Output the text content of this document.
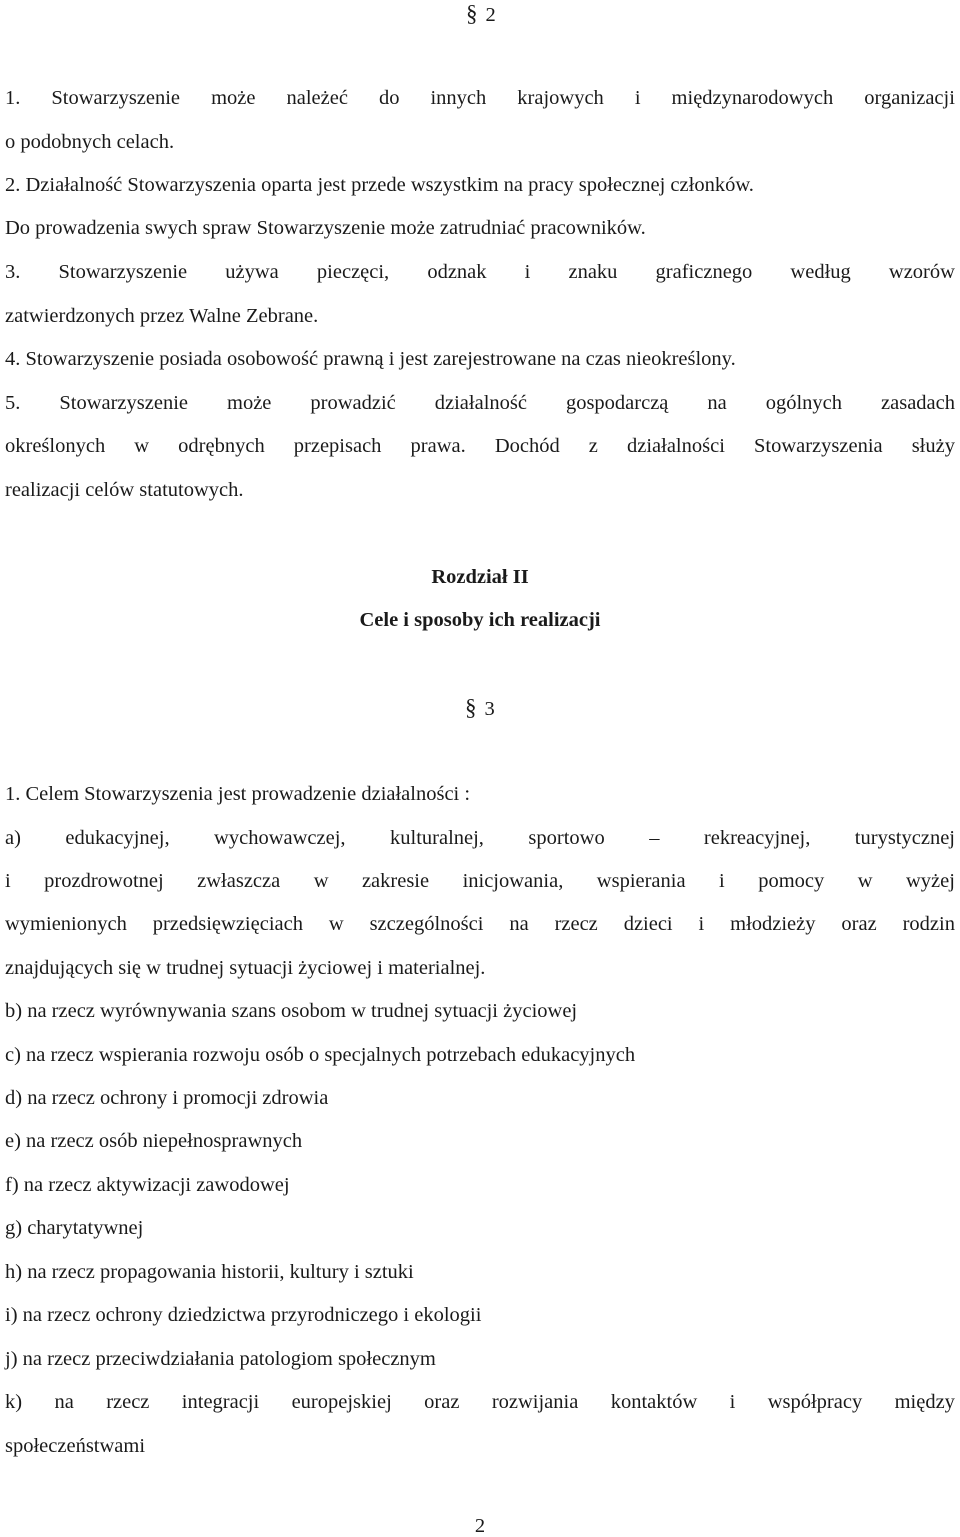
§ 2
1. Stowarzyszenie może należeć do innych krajowych i międzynarodowych organizacji
o podobnych celach.
2. Działalność Stowarzyszenia oparta jest przede wszystkim na pracy społecznej członków.
Do prowadzenia swych spraw Stowarzyszenie może zatrudniać pracowników.
3. Stowarzyszenie używa pieczęci, odznak i znaku graficznego według wzorów
zatwierdzonych przez Walne Zebrane.
4. Stowarzyszenie posiada osobowość prawną i jest zarejestrowane na czas nieokreślony.
5. Stowarzyszenie może prowadzić działalność gospodarczą na ogólnych zasadach
określonych w odrębnych przepisach prawa. Dochód z działalności Stowarzyszenia służy
realizacji celów statutowych.
Rozdział II
Cele i sposoby ich realizacji
§ 3
1. Celem Stowarzyszenia jest prowadzenie działalności :
a) edukacyjnej, wychowawczej, kulturalnej, sportowo – rekreacyjnej, turystycznej
i prozdrowotnej zwłaszcza w zakresie inicjowania, wspierania i pomocy w wyżej
wymienionych przedsięwzięciach w szczególności na rzecz dzieci i młodzieży oraz rodzin
znajdujących się w trudnej sytuacji życiowej i materialnej.
b) na rzecz wyrównywania szans osobom w trudnej sytuacji życiowej
c) na rzecz wspierania rozwoju osób o specjalnych potrzebach edukacyjnych
d) na rzecz ochrony i promocji zdrowia
e) na rzecz osób niepełnosprawnych
f) na rzecz aktywizacji zawodowej
g) charytatywnej
h) na rzecz propagowania historii, kultury i sztuki
i) na rzecz ochrony dziedzictwa przyrodniczego i ekologii
j) na rzecz przeciwdziałania patologiom społecznym
k) na rzecz integracji europejskiej oraz rozwijania kontaktów i współpracy między
społeczeństwami
2
